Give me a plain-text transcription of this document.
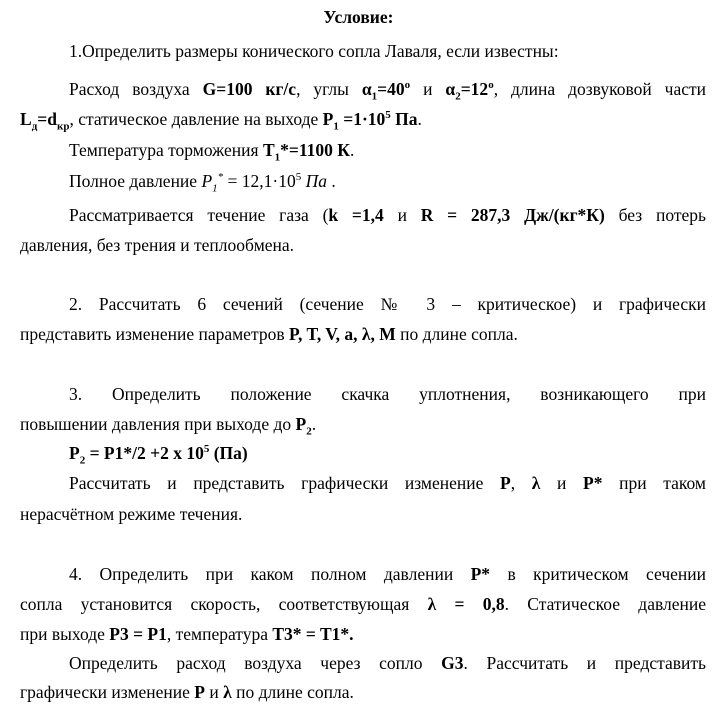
Условие:
1.Определить размеры конического сопла Лаваля, если известны:
Расход воздуха G=100 кг/с, углы $\alpha_1=40^о$ и $\alpha_2=12^о$, длина дозвуковой части
$L_д=d_{кр}$, статическое давление на выходе $P_1 =1\cdot 10^5$ Па.
Температура торможения $T_1*=1100$ К.
Полное давление $P_1^* = 12,1\cdot 10^5$ Па .
Рассматривается течение газа (k =1,4 и R = 287,3 Дж/(кг*К) без потерь
давления, без трения и теплообмена.
2. Рассчитать 6 сечений (сечение № 3 – критическое) и графически
представить изменение параметров P, T, V, a, λ, M по длине сопла.
3. Определить положение скачка уплотнения, возникающего при
повышении давления при выходе до $P_2$.
$P_2 = P1*/2 +2$ x $10^5$ (Па)
Рассчитать и представить графически изменение P, λ и P* при таком
нерасчётном режиме течения.
4. Определить при каком полном давлении P* в критическом сечении
сопла установится скорость, соответствующая λ = 0,8. Статическое давление
при выходе P3 = P1, температура T3* = T1*.
Определить расход воздуха через сопло G3. Рассчитать и представить
графически изменение P и λ по длине сопла.
